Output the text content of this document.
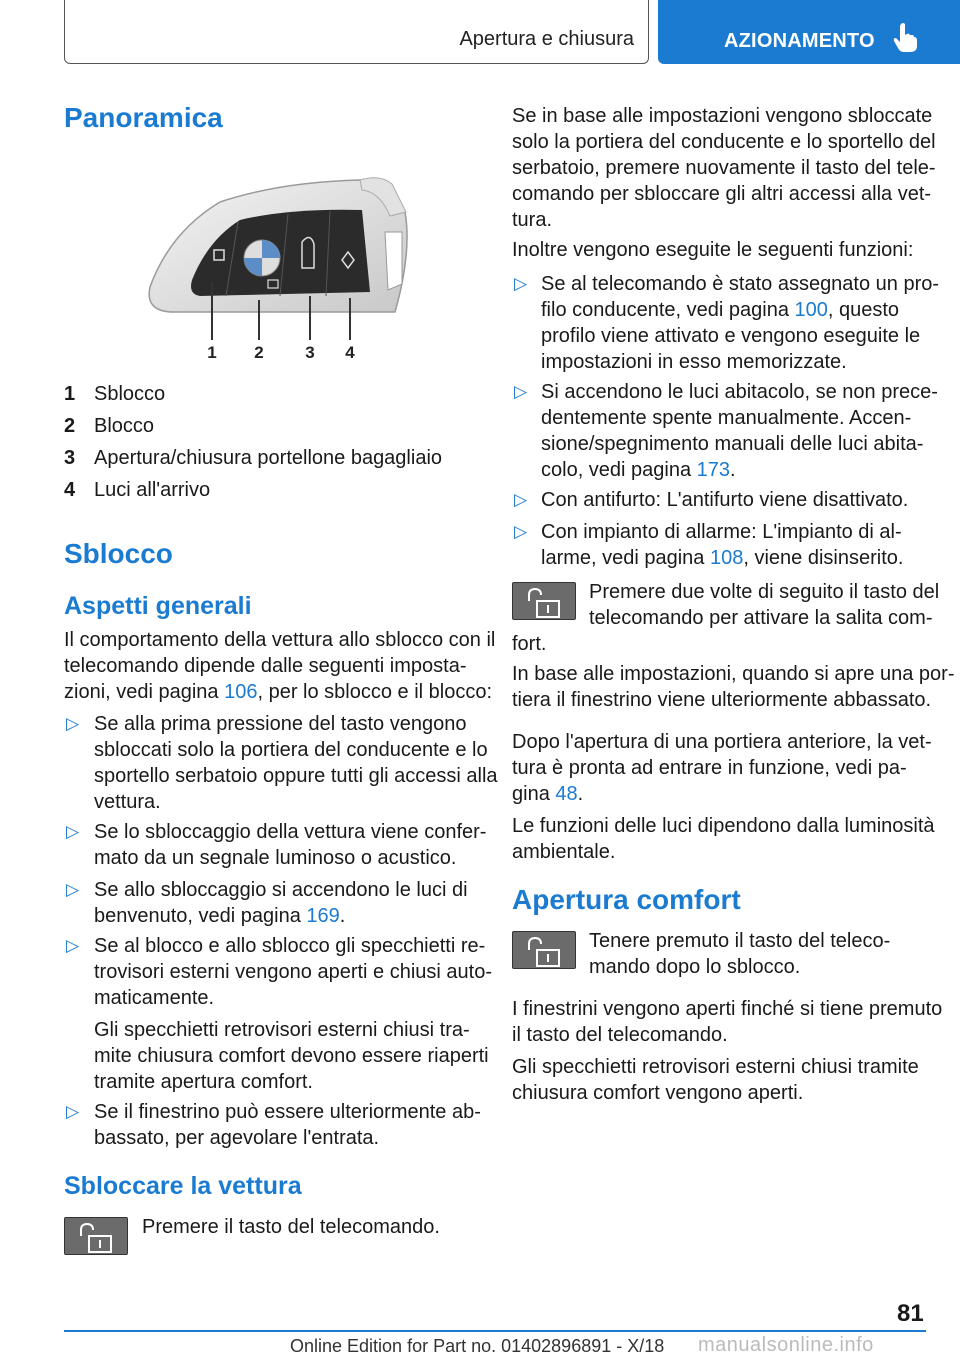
Apertura e chiusura	AZIONAMENTO
Panoramica
1 2 3 4
1 Sblocco
2 Blocco
3 Apertura/chiusura portellone bagagliaio
4 Luci all'arrivo
Sblocco
Aspetti generali
Il comportamento della vettura allo sblocco con il
telecomando dipende dalle seguenti imposta-
zioni, vedi pagina 106, per lo sblocco e il blocco:
▷ Se alla prima pressione del tasto vengono
sbloccati solo la portiera del conducente e lo
sportello serbatoio oppure tutti gli accessi alla
vettura.
▷ Se lo sbloccaggio della vettura viene confer-
mato da un segnale luminoso o acustico.
▷ Se allo sbloccaggio si accendono le luci di
benvenuto, vedi pagina 169.
▷ Se al blocco e allo sblocco gli specchietti re-
trovisori esterni vengono aperti e chiusi auto-
maticamente.
Gli specchietti retrovisori esterni chiusi tra-
mite chiusura comfort devono essere riaperti
tramite apertura comfort.
▷ Se il finestrino può essere ulteriormente ab-
bassato, per agevolare l'entrata.
Sbloccare la vettura
Premere il tasto del telecomando.
Se in base alle impostazioni vengono sbloccate
solo la portiera del conducente e lo sportello del
serbatoio, premere nuovamente il tasto del tele-
comando per sbloccare gli altri accessi alla vet-
tura.
Inoltre vengono eseguite le seguenti funzioni:
▷ Se al telecomando è stato assegnato un pro-
filo conducente, vedi pagina 100, questo
profilo viene attivato e vengono eseguite le
impostazioni in esso memorizzate.
▷ Si accendono le luci abitacolo, se non prece-
dentemente spente manualmente. Accen-
sione/spegnimento manuali delle luci abita-
colo, vedi pagina 173.
▷ Con antifurto: L'antifurto viene disattivato.
▷ Con impianto di allarme: L'impianto di al-
larme, vedi pagina 108, viene disinserito.
Premere due volte di seguito il tasto del
telecomando per attivare la salita com-
fort.
In base alle impostazioni, quando si apre una por-
tiera il finestrino viene ulteriormente abbassato.
Dopo l'apertura di una portiera anteriore, la vet-
tura è pronta ad entrare in funzione, vedi pa-
gina 48.
Le funzioni delle luci dipendono dalla luminosità
ambientale.
Apertura comfort
Tenere premuto il tasto del teleco-
mando dopo lo sblocco.
I finestrini vengono aperti finché si tiene premuto
il tasto del telecomando.
Gli specchietti retrovisori esterni chiusi tramite
chiusura comfort vengono aperti.
81
Online Edition for Part no. 01402896891 - X/18 manualsonline.info
